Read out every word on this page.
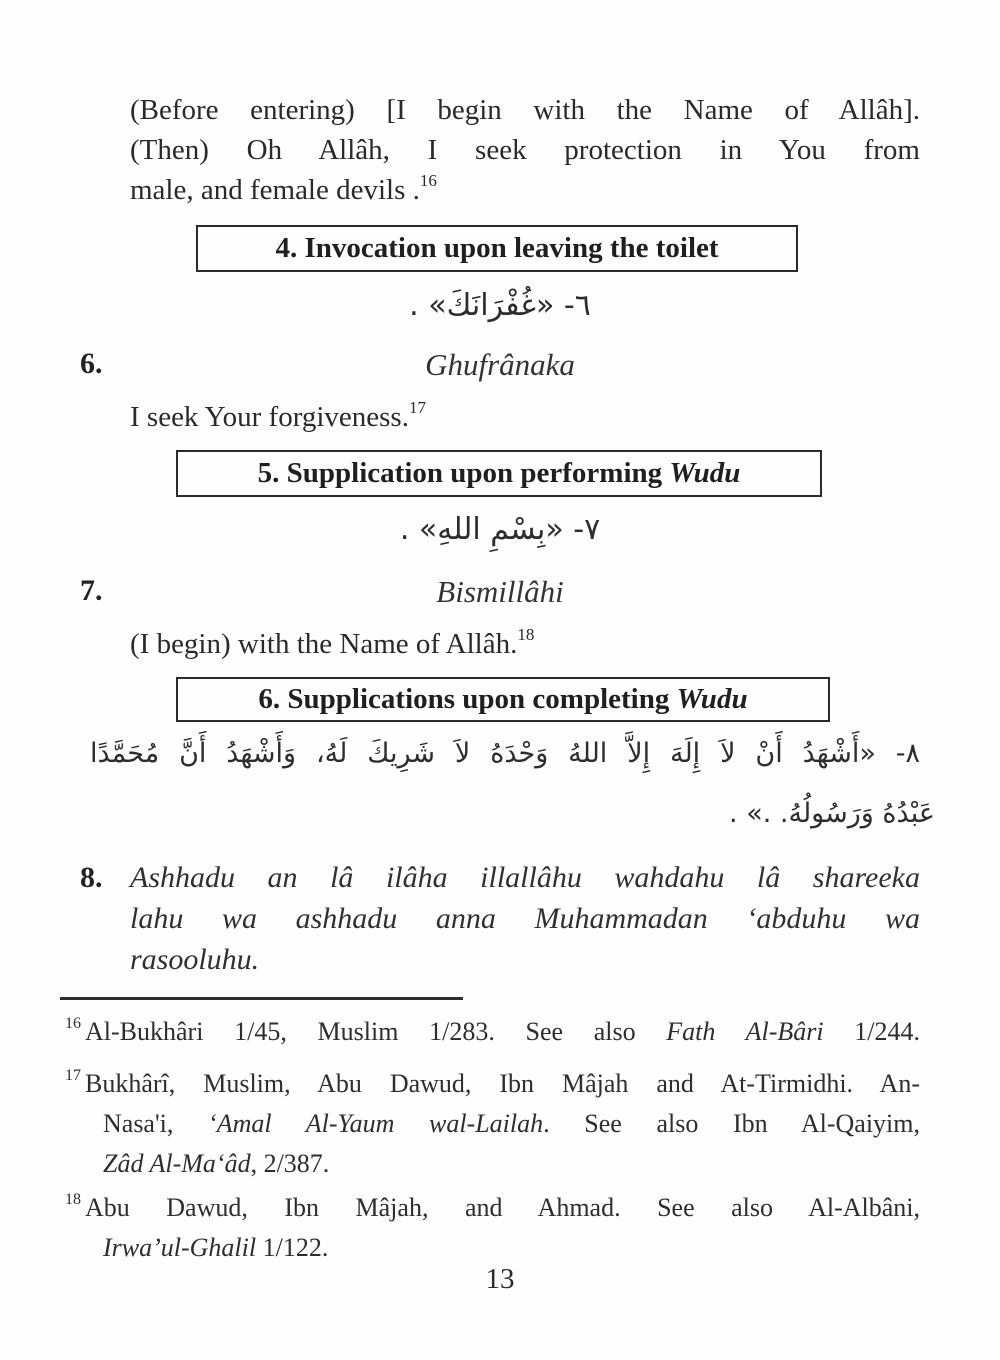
(Before entering) [I begin with the Name of Allâh].
(Then) Oh Allâh, I seek protection in You from
male, and female devils .$^{16}$
4. Invocation upon leaving the toilet
٦- «غُفْرَانَكَ» .
6.	Ghufrânaka
I seek Your forgiveness.$^{17}$
5. Supplication upon performing Wudu
٧- «بِسْمِ اللهِ» .
7.	Bismillâhi
(I begin) with the Name of Allâh.$^{18}$
6. Supplications upon completing Wudu
٨- «أَشْهَدُ أَنْ لاَ إِلَهَ إِلاَّ اللهُ وَحْدَهُ لاَ شَرِيكَ لَهُ، وَأَشْهَدُ أَنَّ مُحَمَّدًا
عَبْدُهُ وَرَسُولُهُ. .» .
8. Ashhadu an lâ ilâha illallâhu wahdahu lâ shareeka
lahu wa ashhadu anna Muhammadan ‘abduhu wa
rasooluhu.
$^{16}$ Al-Bukhâri 1/45, Muslim 1/283. See also Fath Al-Bâri 1/244.
$^{17}$ Bukhârî, Muslim, Abu Dawud, Ibn Mâjah and At-Tirmidhi. An-
Nasa'i, ‘Amal Al-Yaum wal-Lailah. See also Ibn Al-Qaiyim,
Zâd Al-Ma‘âd, 2/387.
$^{18}$ Abu Dawud, Ibn Mâjah, and Ahmad. See also Al-Albâni,
Irwa’ul-Ghalil 1/122.
13
